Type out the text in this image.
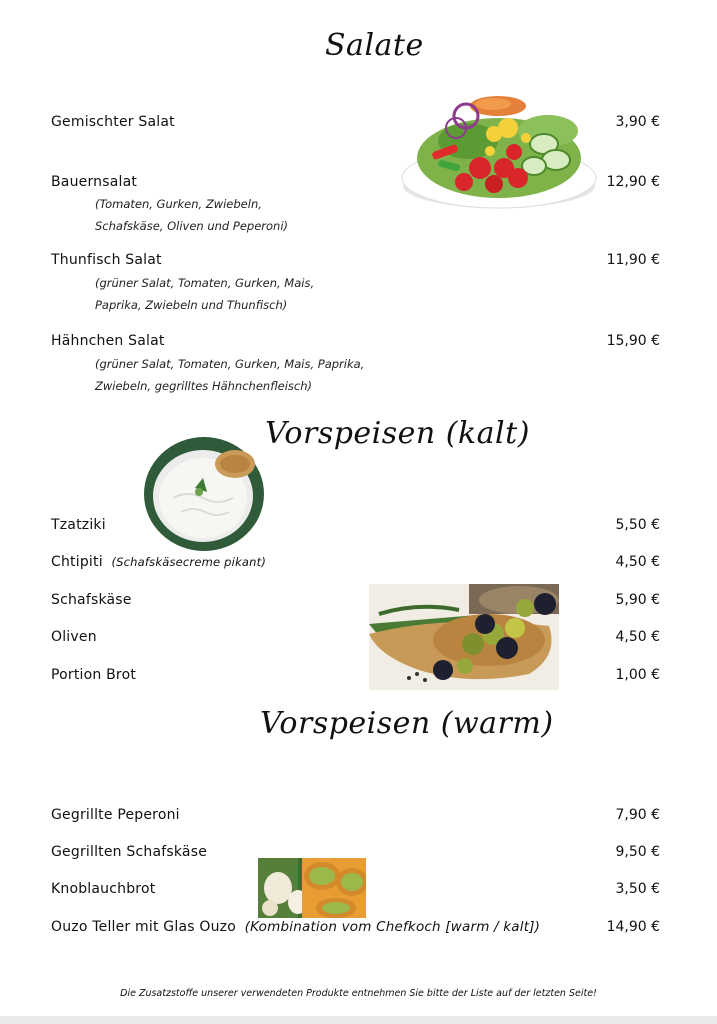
Salate
Gemischter Salat	3,90 €
Bauernsalat	12,90 €
(Tomaten, Gurken, Zwiebeln,
Schafskäse, Oliven und Peperoni)
Thunfisch Salat	11,90 €
(grüner Salat, Tomaten, Gurken, Mais,
Paprika, Zwiebeln und Thunfisch)
Hähnchen Salat	15,90 €
(grüner Salat, Tomaten, Gurken, Mais, Paprika,
Zwiebeln, gegrilltes Hähnchenfleisch)
Vorspeisen (kalt)
Tzatziki	5,50 €
Chtipiti (Schafskäsecreme pikant)	4,50 €
Schafskäse	5,90 €
Oliven	4,50 €
Portion Brot	1,00 €
Vorspeisen (warm)
Gegrillte Peperoni	7,90 €
Gegrillten Schafskäse	9,50 €
Knoblauchbrot	3,50 €
Ouzo Teller mit Glas Ouzo (Kombination vom Chefkoch [warm / kalt])	14,90 €
Die Zusatzstoffe unserer verwendeten Produkte entnehmen Sie bitte der Liste auf der letzten Seite!
